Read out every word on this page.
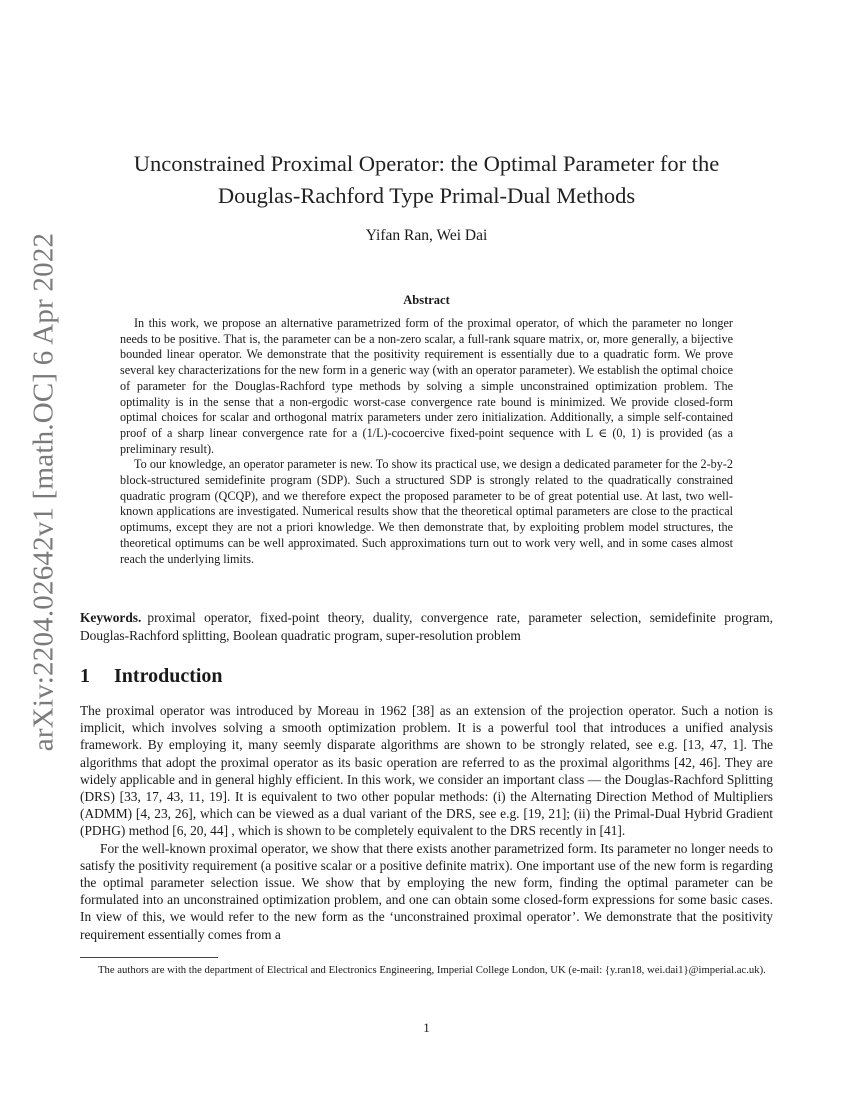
arXiv:2204.02642v1 [math.OC] 6 Apr 2022
Unconstrained Proximal Operator: the Optimal Parameter for the
Douglas-Rachford Type Primal-Dual Methods
Yifan Ran, Wei Dai
Abstract

In this work, we propose an alternative parametrized form of the proximal operator, of which the parameter no longer needs to be positive. That is, the parameter can be a non-zero scalar, a full-rank square matrix, or, more generally, a bijective bounded linear operator. We demonstrate that the positivity requirement is essentially due to a quadratic form. We prove several key characterizations for the new form in a generic way (with an operator parameter). We establish the optimal choice of parameter for the Douglas-Rachford type methods by solving a simple unconstrained optimization problem. The optimality is in the sense that a non-ergodic worst-case convergence rate bound is minimized. We provide closed-form optimal choices for scalar and orthogonal matrix parameters under zero initialization. Additionally, a simple self-contained proof of a sharp linear convergence rate for a (1/L)-cocoercive fixed-point sequence with L ∈ (0, 1) is provided (as a preliminary result).

To our knowledge, an operator parameter is new. To show its practical use, we design a dedicated parameter for the 2-by-2 block-structured semidefinite program (SDP). Such a structured SDP is strongly related to the quadratically constrained quadratic program (QCQP), and we therefore expect the proposed parameter to be of great potential use. At last, two well-known applications are investigated. Numerical results show that the theoretical optimal parameters are close to the practical optimums, except they are not a priori knowledge. We then demonstrate that, by exploiting problem model structures, the theoretical optimums can be well approximated. Such approximations turn out to work very well, and in some cases almost reach the underlying limits.

Keywords. proximal operator, fixed-point theory, duality, convergence rate, parameter selection, semidefinite program, Douglas-Rachford splitting, Boolean quadratic program, super-resolution problem
1 Introduction

The proximal operator was introduced by Moreau in 1962 [38] as an extension of the projection operator. Such a notion is implicit, which involves solving a smooth optimization problem. It is a powerful tool that introduces a unified analysis framework. By employing it, many seemly disparate algorithms are shown to be strongly related, see e.g. [13, 47, 1]. The algorithms that adopt the proximal operator as its basic operation are referred to as the proximal algorithms [42, 46]. They are widely applicable and in general highly efficient. In this work, we consider an important class — the Douglas-Rachford Splitting (DRS) [33, 17, 43, 11, 19]. It is equivalent to two other popular methods: (i) the Alternating Direction Method of Multipliers (ADMM) [4, 23, 26], which can be viewed as a dual variant of the DRS, see e.g. [19, 21]; (ii) the Primal-Dual Hybrid Gradient (PDHG) method [6, 20, 44] , which is shown to be completely equivalent to the DRS recently in [41].

For the well-known proximal operator, we show that there exists another parametrized form. Its parameter no longer needs to satisfy the positivity requirement (a positive scalar or a positive definite matrix). One important use of the new form is regarding the optimal parameter selection issue. We show that by employing the new form, finding the optimal parameter can be formulated into an unconstrained optimization problem, and one can obtain some closed-form expressions for some basic cases. In view of this, we would refer to the new form as the ‘unconstrained proximal operator’. We demonstrate that the positivity requirement essentially comes from a

The authors are with the department of Electrical and Electronics Engineering, Imperial College London, UK (e-mail: {y.ran18, wei.dai1}@imperial.ac.uk).
1
